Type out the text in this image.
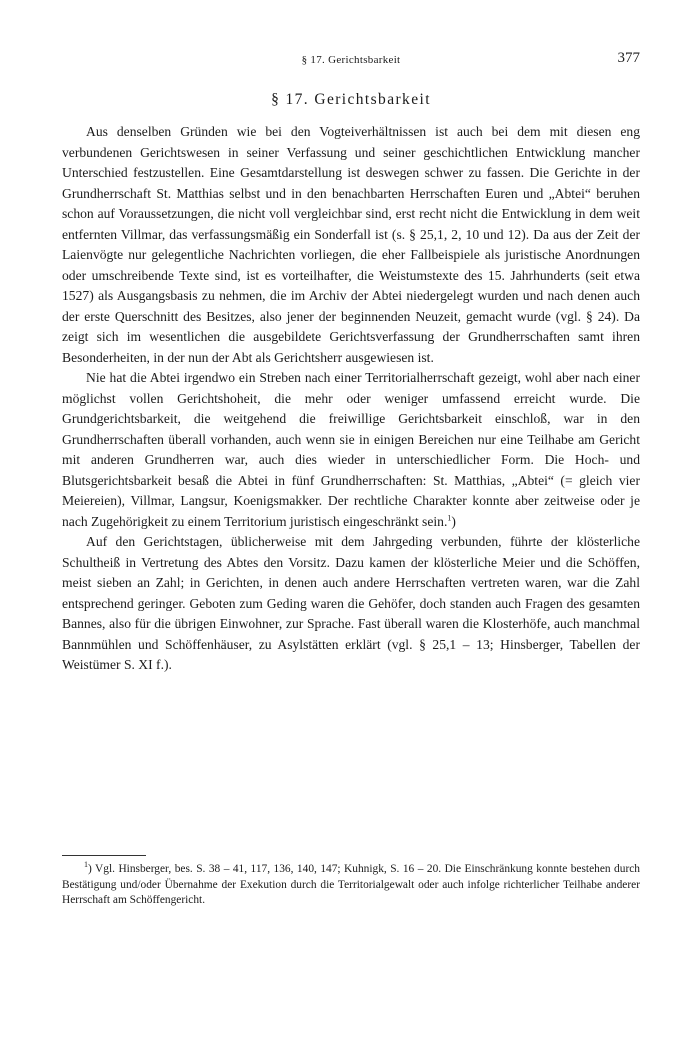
§ 17. Gerichtsbarkeit	377
§ 17. Gerichtsbarkeit

Aus denselben Gründen wie bei den Vogteiverhältnissen ist auch bei dem mit diesen eng verbundenen Gerichtswesen in seiner Verfassung und seiner geschichtlichen Entwicklung mancher Unterschied festzustellen. Eine Gesamtdarstellung ist deswegen schwer zu fassen. Die Gerichte in der Grundherrschaft St. Matthias selbst und in den benachbarten Herrschaften Euren und „Abtei“ beruhen schon auf Voraussetzungen, die nicht voll vergleichbar sind, erst recht nicht die Entwicklung in dem weit entfernten Villmar, das verfassungsmäßig ein Sonderfall ist (s. § 25,1, 2, 10 und 12). Da aus der Zeit der Laienvögte nur gelegentliche Nachrichten vorliegen, die eher Fallbeispiele als juristische Anordnungen oder umschreibende Texte sind, ist es vorteilhafter, die Weistumstexte des 15. Jahrhunderts (seit etwa 1527) als Ausgangsbasis zu nehmen, die im Archiv der Abtei niedergelegt wurden und nach denen auch der erste Querschnitt des Besitzes, also jener der beginnenden Neuzeit, gemacht wurde (vgl. § 24). Da zeigt sich im wesentlichen die ausgebildete Gerichtsverfassung der Grundherrschaften samt ihren Besonderheiten, in der nun der Abt als Gerichtsherr ausgewiesen ist.

Nie hat die Abtei irgendwo ein Streben nach einer Territorialherrschaft gezeigt, wohl aber nach einer möglichst vollen Gerichtshoheit, die mehr oder weniger umfassend erreicht wurde. Die Grundgerichtsbarkeit, die weitgehend die freiwillige Gerichtsbarkeit einschloß, war in den Grundherrschaften überall vorhanden, auch wenn sie in einigen Bereichen nur eine Teilhabe am Gericht mit anderen Grundherren war, auch dies wieder in unterschiedlicher Form. Die Hoch- und Blutsgerichtsbarkeit besaß die Abtei in fünf Grundherrschaften: St. Matthias, „Abtei“ (= gleich vier Meiereien), Villmar, Langsur, Koenigsmakker. Der rechtliche Charakter konnte aber zeitweise oder je nach Zugehörigkeit zu einem Territorium juristisch eingeschränkt sein.$^1$)

Auf den Gerichtstagen, üblicherweise mit dem Jahrgeding verbunden, führte der klösterliche Schultheiß in Vertretung des Abtes den Vorsitz. Dazu kamen der klösterliche Meier und die Schöffen, meist sieben an Zahl; in Gerichten, in denen auch andere Herrschaften vertreten waren, war die Zahl entsprechend geringer. Geboten zum Geding waren die Gehöfer, doch standen auch Fragen des gesamten Bannes, also für die übrigen Einwohner, zur Sprache. Fast überall waren die Klosterhöfe, auch manchmal Bannmühlen und Schöffenhäuser, zu Asylstätten erklärt (vgl. § 25,1 – 13; Hinsberger, Tabellen der Weistümer S. XI f.).

$^1$) Vgl. Hinsberger, bes. S. 38 – 41, 117, 136, 140, 147; Kuhnigk, S. 16 – 20. Die Einschränkung konnte bestehen durch Bestätigung und/oder Übernahme der Exekution durch die Territorialgewalt oder auch infolge richterlicher Teilhabe anderer Herrschaft am Schöffengericht.
